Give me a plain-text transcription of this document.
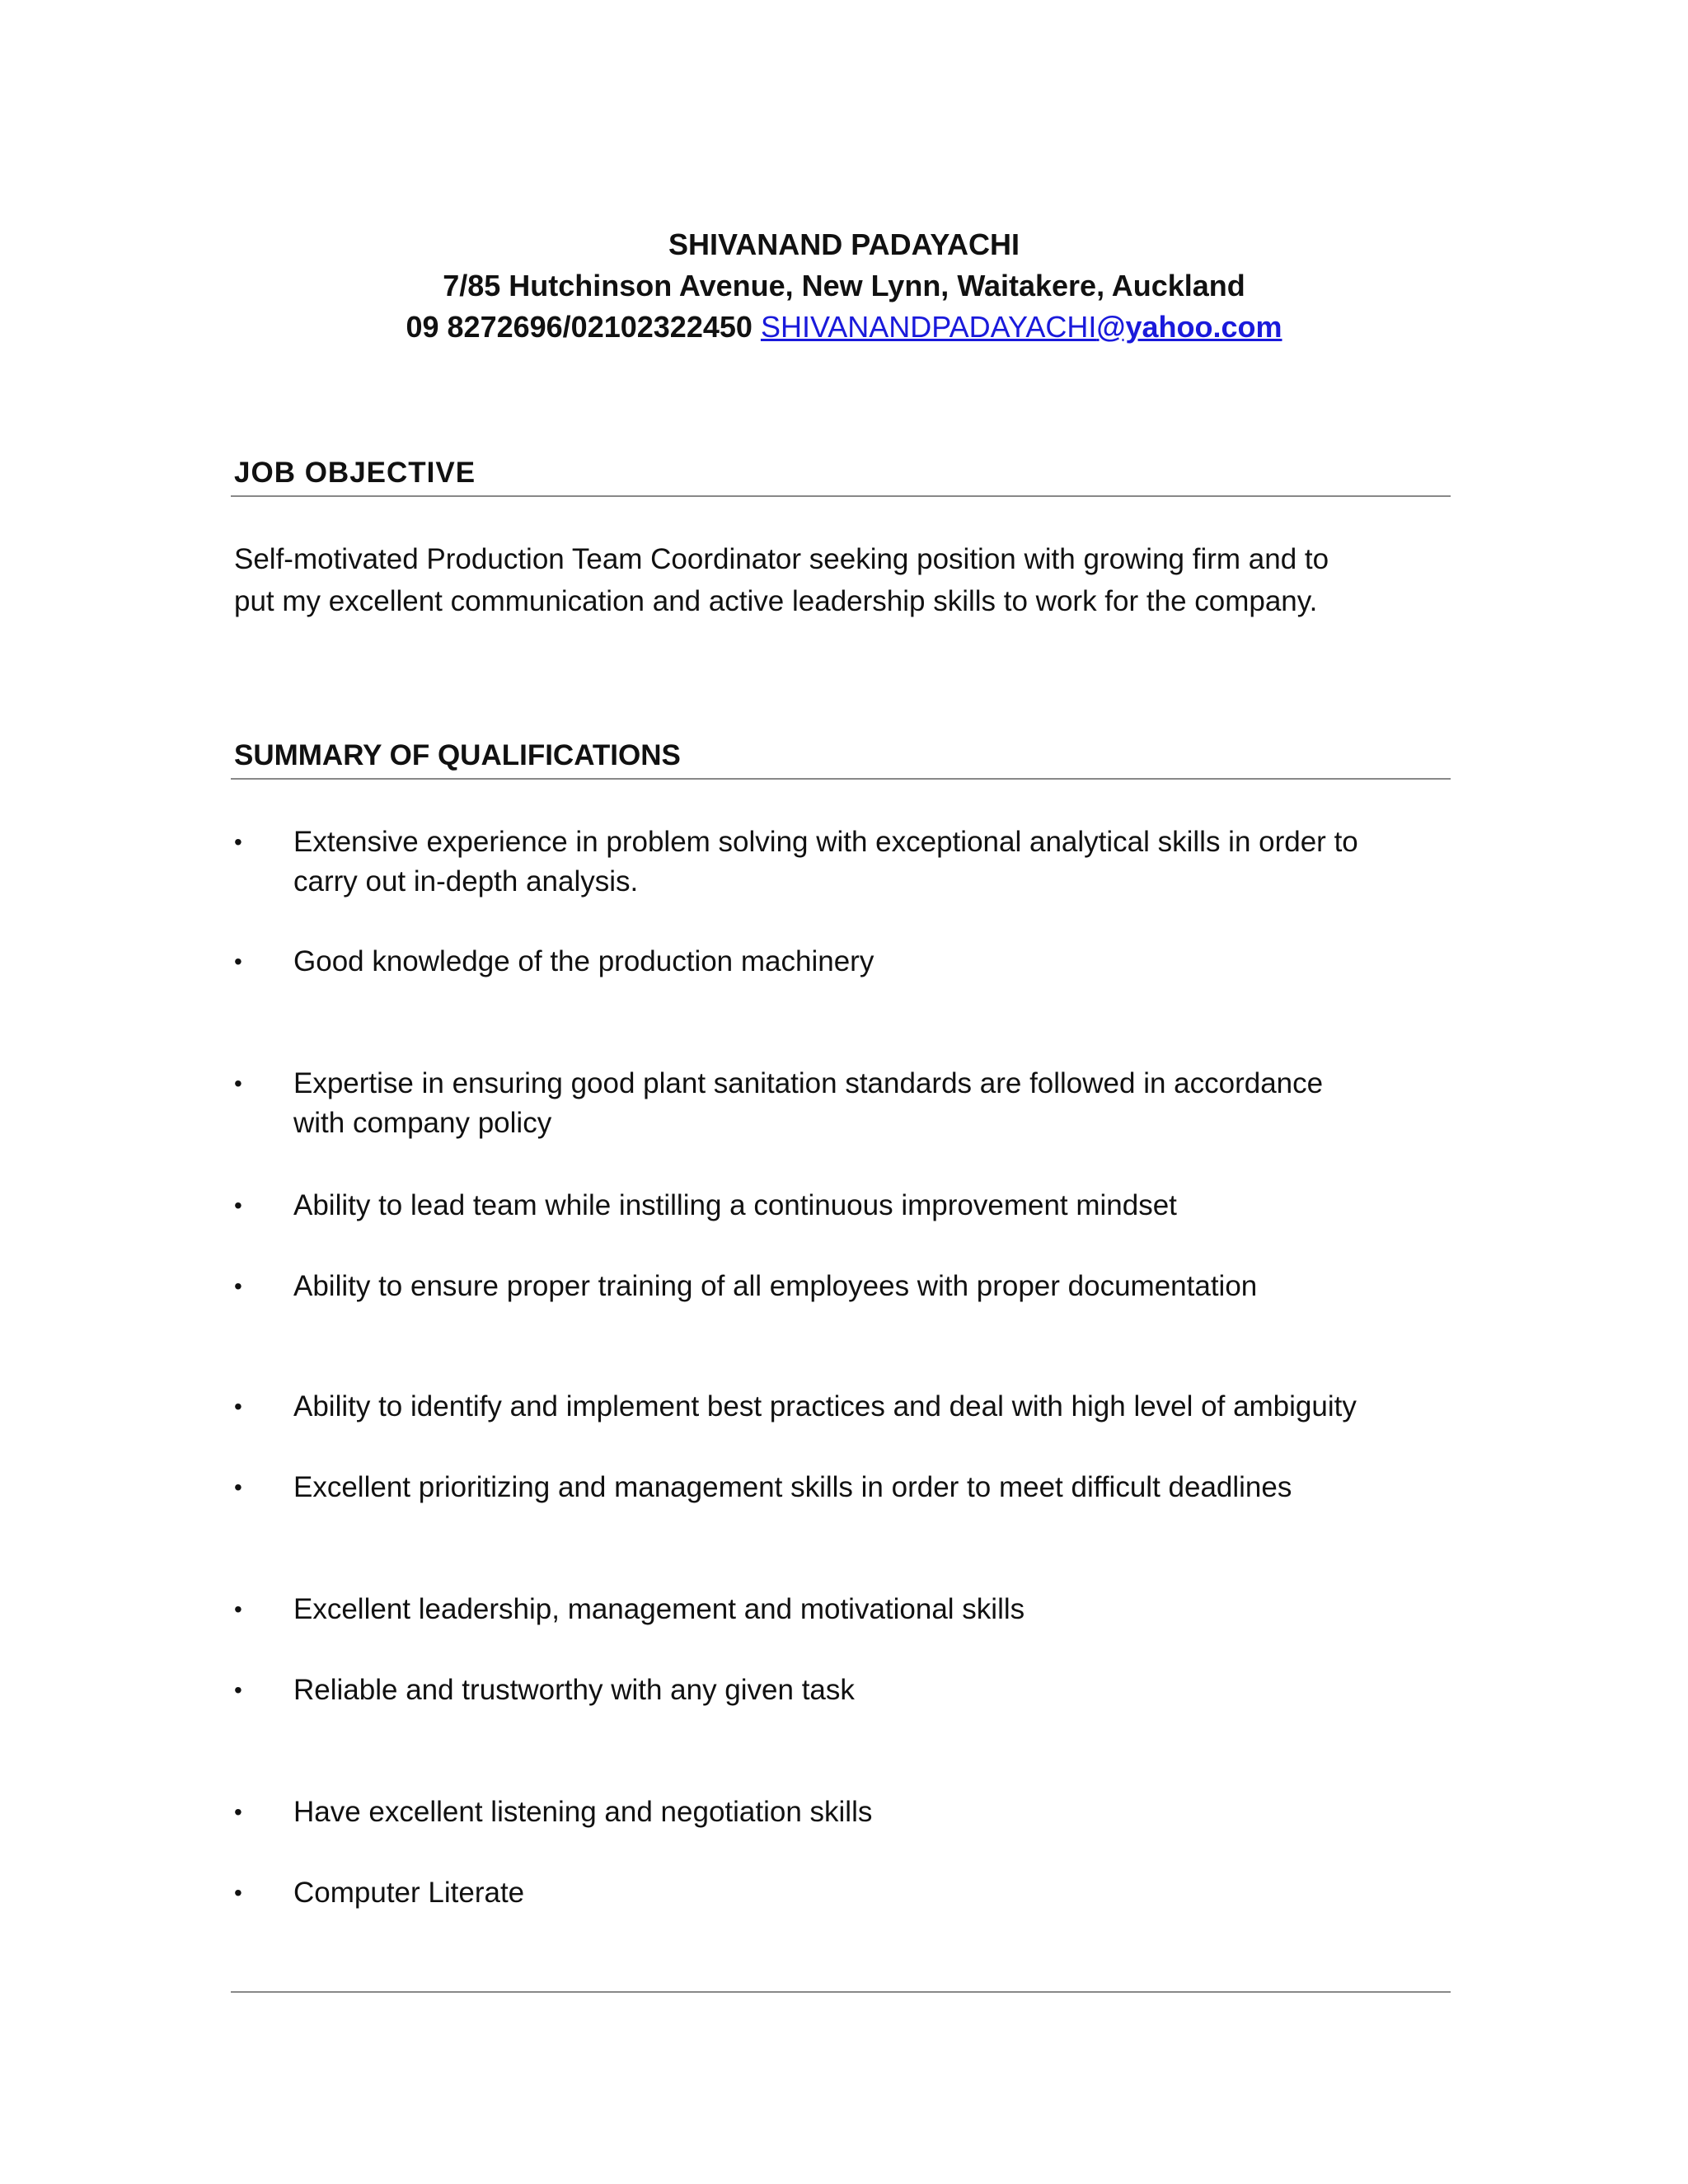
SHIVANAND PADAYACHI
7/85 Hutchinson Avenue, New Lynn, Waitakere, Auckland
09 8272696/02102322450 SHIVANANDPADAYACHI@yahoo.com
JOB OBJECTIVE

Self-motivated Production Team Coordinator seeking position with growing firm and to

put my excellent communication and active leadership skills to work for the company.

SUMMARY OF QUALIFICATIONS
•	Extensive experience in problem solving with exceptional analytical skills in order to
carry out in-depth analysis.
•	Good knowledge of the production machinery
•	Expertise in ensuring good plant sanitation standards are followed in accordance
with company policy
•	Ability to lead team while instilling a continuous improvement mindset
•	Ability to ensure proper training of all employees with proper documentation
•	Ability to identify and implement best practices and deal with high level of ambiguity
•	Excellent prioritizing and management skills in order to meet difficult deadlines
•	Excellent leadership, management and motivational skills
•	Reliable and trustworthy with any given task
•	Have excellent listening and negotiation skills
•	Computer Literate
